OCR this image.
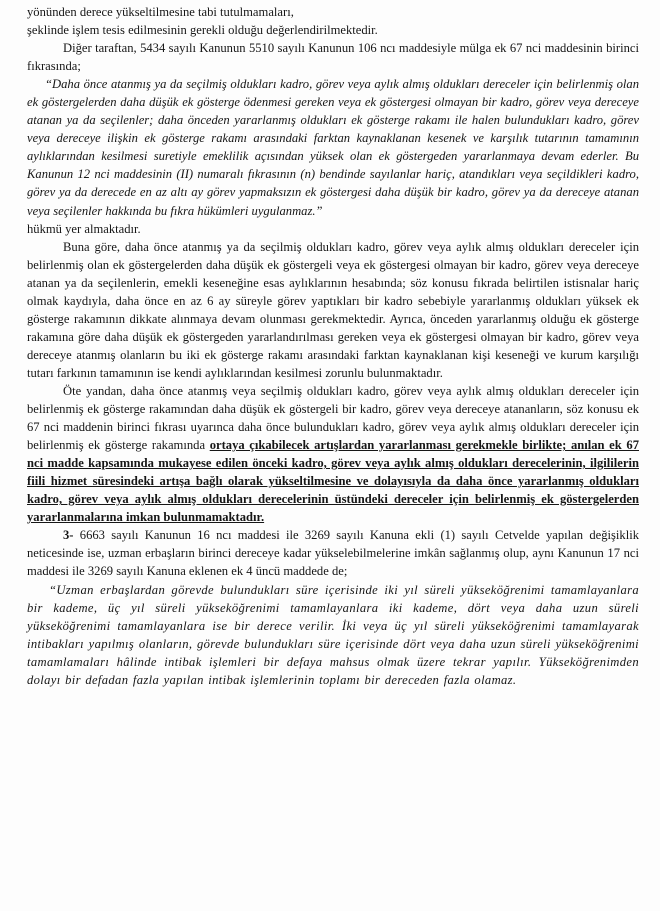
yönünden derece yükseltilmesine tabi tutulmamaları,

şeklinde işlem tesis edilmesinin gerekli olduğu değerlendirilmektedir.

Diğer taraftan, 5434 sayılı Kanunun 5510 sayılı Kanunun 106 ncı maddesiyle mülga ek 67 nci maddesinin birinci fıkrasında;

“Daha önce atanmış ya da seçilmiş oldukları kadro, görev veya aylık almış oldukları dereceler için belirlenmiş olan ek göstergelerden daha düşük ek gösterge ödenmesi gereken veya ek göstergesi olmayan bir kadro, görev veya dereceye atanan ya da seçilenler; daha önceden yararlanmış oldukları ek gösterge rakamı ile halen bulundukları kadro, görev veya dereceye ilişkin ek gösterge rakamı arasındaki farktan kaynaklanan kesenek ve karşılık tutarının tamamının aylıklarından kesilmesi suretiyle emeklilik açısından yüksek olan ek göstergeden yararlanmaya devam ederler. Bu Kanunun 12 nci maddesinin (II) numaralı fıkrasının (n) bendinde sayılanlar hariç, atandıkları veya seçildikleri kadro, görev ya da derecede en az altı ay görev yapmaksızın ek göstergesi daha düşük bir kadro, görev ya da dereceye atanan veya seçilenler hakkında bu fıkra hükümleri uygulanmaz.”

hükmü yer almaktadır.

Buna göre, daha önce atanmış ya da seçilmiş oldukları kadro, görev veya aylık almış oldukları dereceler için belirlenmiş olan ek göstergelerden daha düşük ek göstergeli veya ek göstergesi olmayan bir kadro, görev veya dereceye atanan ya da seçilenlerin, emekli keseneğine esas aylıklarının hesabında; söz konusu fıkrada belirtilen istisnalar hariç olmak kaydıyla, daha önce en az 6 ay süreyle görev yaptıkları bir kadro sebebiyle yararlanmış oldukları yüksek ek gösterge rakamının dikkate alınmaya devam olunması gerekmektedir. Ayrıca, önceden yararlanmış olduğu ek gösterge rakamına göre daha düşük ek göstergeden yararlandırılması gereken veya ek göstergesi olmayan bir kadro, görev veya dereceye atanmış olanların bu iki ek gösterge rakamı arasındaki farktan kaynaklanan kişi keseneği ve kurum karşılığı tutarı farkının tamamının ise kendi aylıklarından kesilmesi zorunlu bulunmaktadır.

Öte yandan, daha önce atanmış veya seçilmiş oldukları kadro, görev veya aylık almış oldukları dereceler için belirlenmiş ek gösterge rakamından daha düşük ek göstergeli bir kadro, görev veya dereceye atananların, söz konusu ek 67 nci maddenin birinci fıkrası uyarınca daha önce bulundukları kadro, görev veya aylık almış oldukları dereceler için belirlenmiş ek gösterge rakamında ortaya çıkabilecek artışlardan yararlanması gerekmekle birlikte; anılan ek 67 nci madde kapsamında mukayese edilen önceki kadro, görev veya aylık almış oldukları derecelerinin, ilgililerin fiili hizmet süresindeki artışa bağlı olarak yükseltilmesine ve dolayısıyla da daha önce yararlanmış oldukları kadro, görev veya aylık almış oldukları derecelerinin üstündeki dereceler için belirlenmiş ek göstergelerden yararlanmalarına imkan bulunmamaktadır.

3- 6663 sayılı Kanunun 16 ncı maddesi ile 3269 sayılı Kanuna ekli (1) sayılı Cetvelde yapılan değişiklik neticesinde ise, uzman erbaşların birinci dereceye kadar yükselebilmelerine imkân sağlanmış olup, aynı Kanunun 17 nci maddesi ile 3269 sayılı Kanuna eklenen ek 4 üncü maddede de;

“Uzman erbaşlardan görevde bulundukları süre içerisinde iki yıl süreli yükseköğrenimi tamamlayanlara bir kademe, üç yıl süreli yükseköğrenimi tamamlayanlara iki kademe, dört veya daha uzun süreli yükseköğrenimi tamamlayanlara ise bir derece verilir. İki veya üç yıl süreli yükseköğrenimi tamamlayarak intibakları yapılmış olanların, görevde bulundukları süre içerisinde dört veya daha uzun süreli yükseköğrenimi tamamlamaları hâlinde intibak işlemleri bir defaya mahsus olmak üzere tekrar yapılır. Yükseköğrenimden dolayı bir defadan fazla yapılan intibak işlemlerinin toplamı bir dereceden fazla olamaz.
